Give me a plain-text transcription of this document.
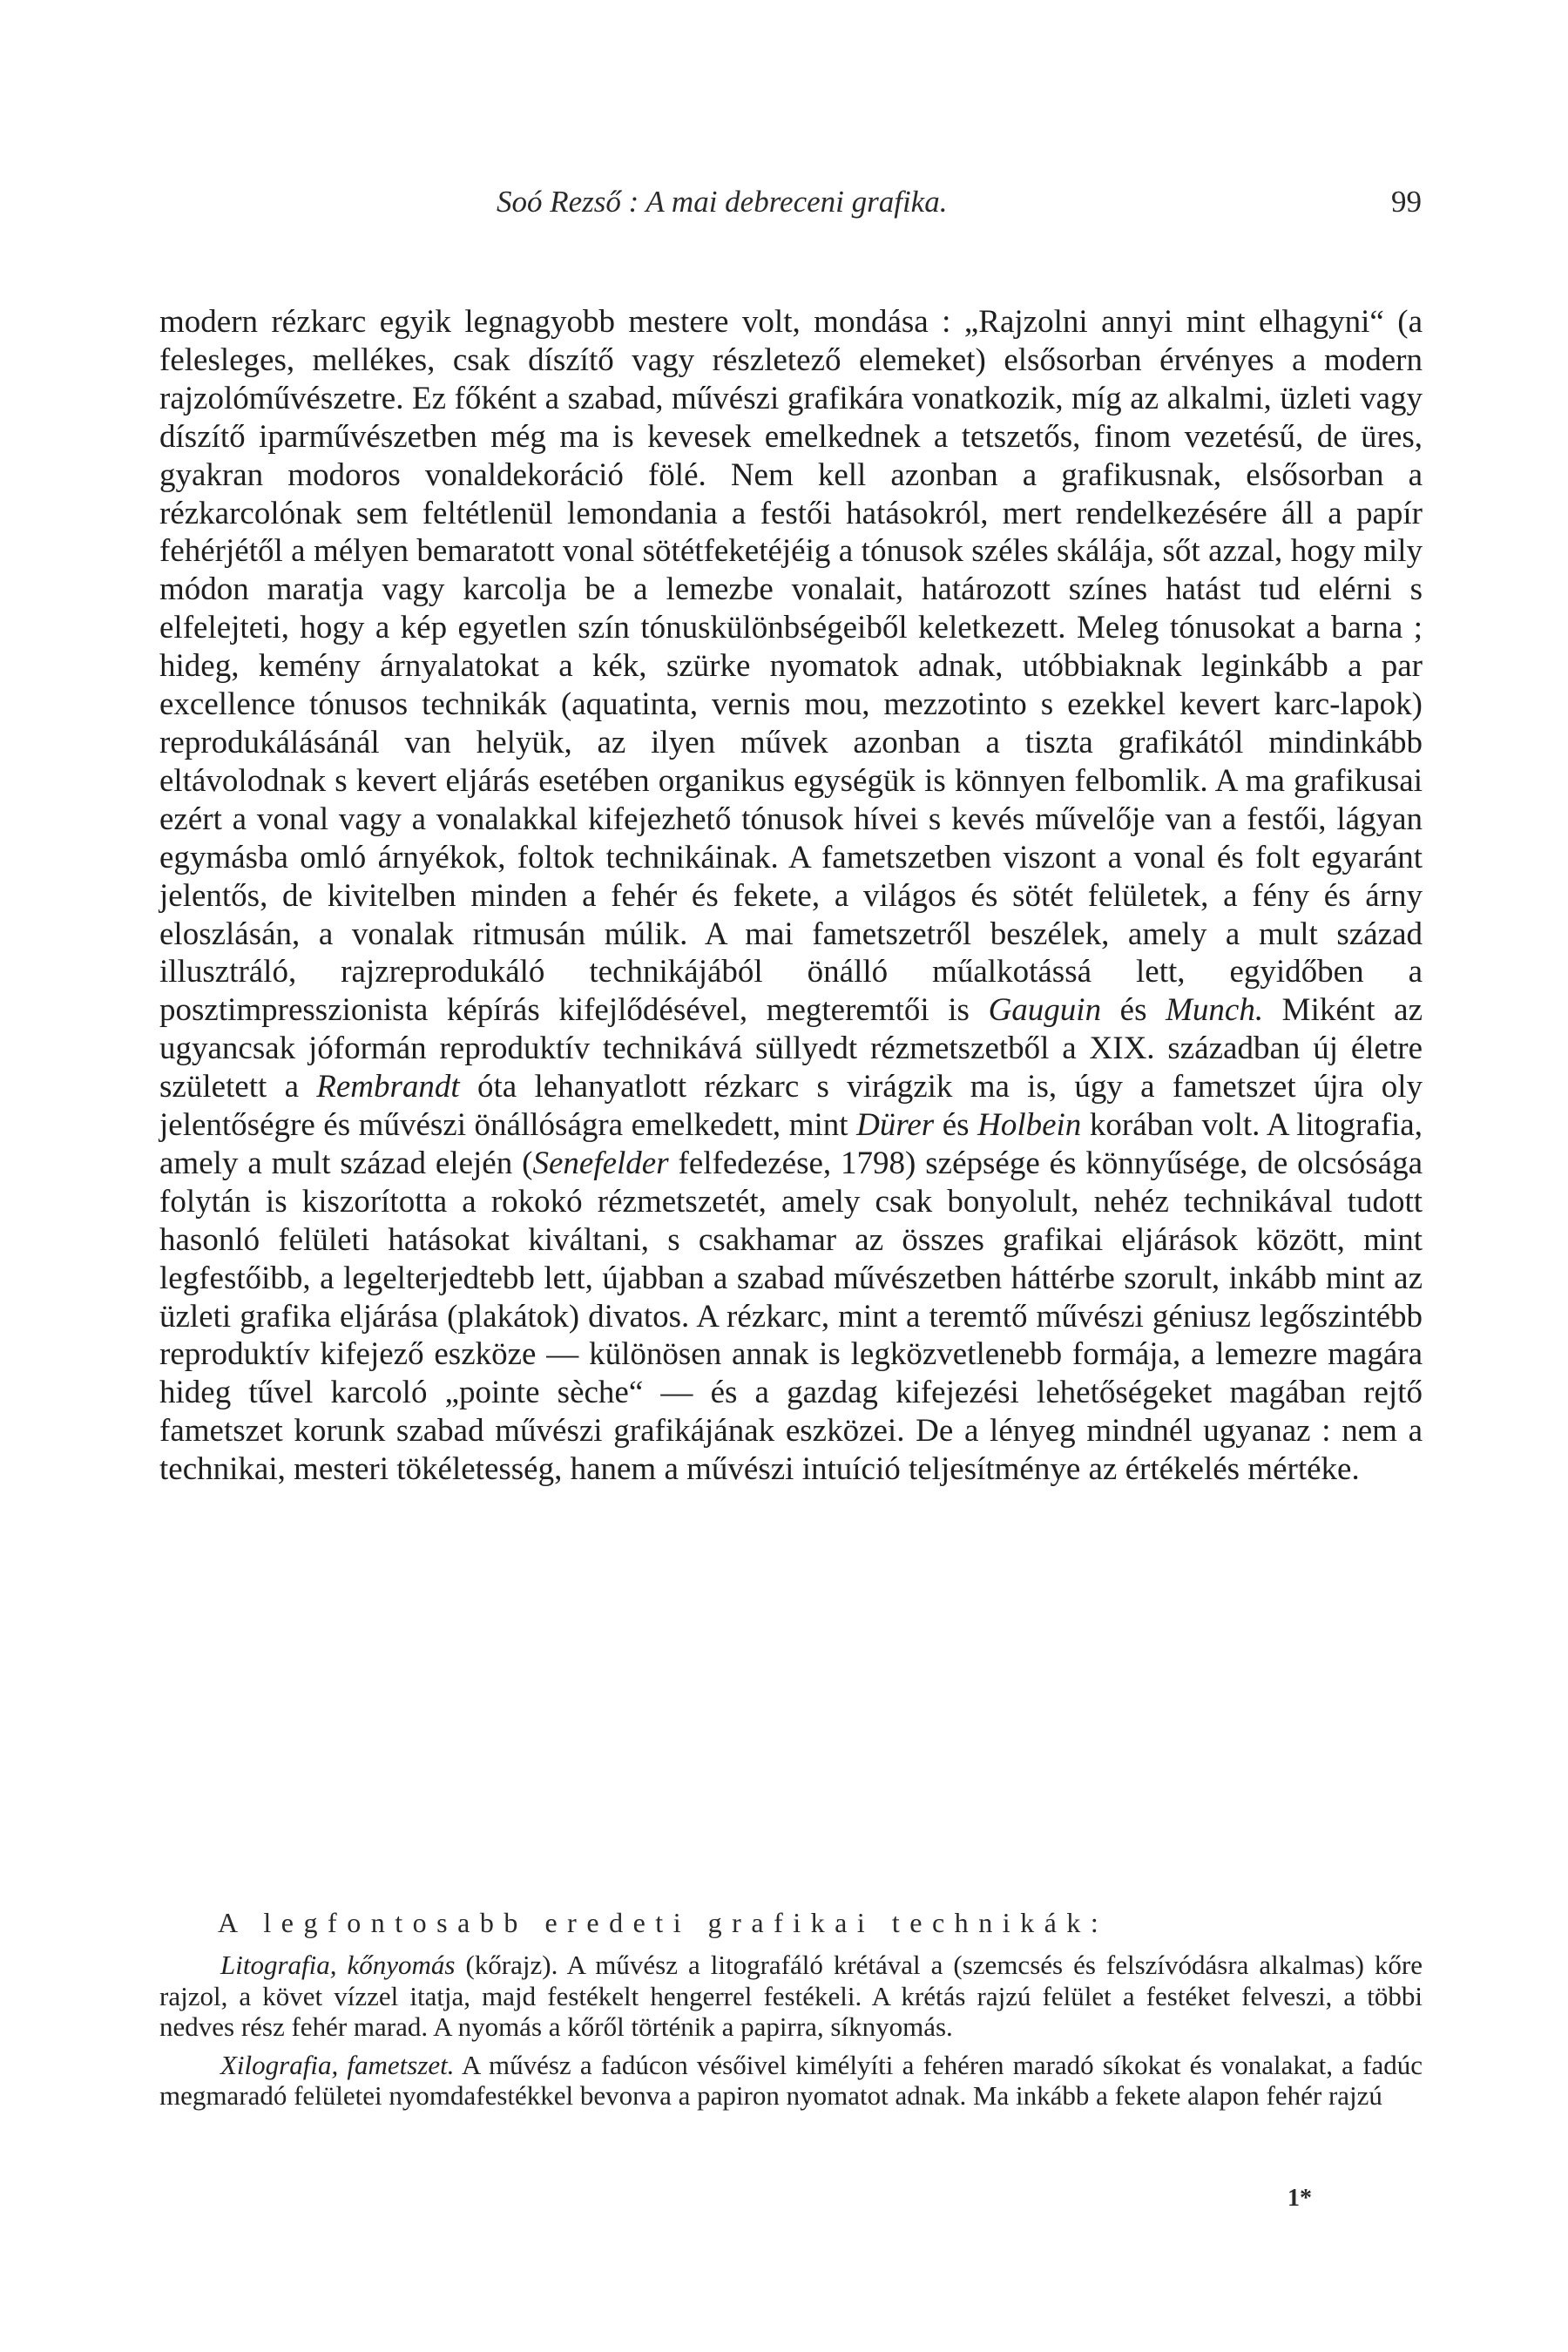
Soó Rezső : A mai debreceni grafika.	99

modern rézkarc egyik legnagyobb mestere volt, mondása : „Rajzolni annyi mint elhagyni“ (a felesleges, mellékes, csak díszítő vagy részletező elemeket) elsősorban érvényes a modern rajzolóművészetre. Ez főként a szabad, művészi grafikára vonatkozik, míg az alkalmi, üzleti vagy díszítő iparművészetben még ma is kevesek emelkednek a tetszetős, finom vezetésű, de üres, gyakran modoros vonaldekoráció fölé. Nem kell azonban a grafikusnak, elsősorban a rézkarcolónak sem feltétlenül lemondania a festői hatásokról, mert rendelkezésére áll a papír fehérjétől a mélyen bemaratott vonal sötétfeketéjéig a tónusok széles skálája, sőt azzal, hogy mily módon maratja vagy karcolja be a lemezbe vonalait, határozott színes hatást tud elérni s elfelejteti, hogy a kép egyetlen szín tónuskülönbségeiből keletkezett. Meleg tónusokat a barna ; hideg, kemény árnyalatokat a kék, szürke nyomatok adnak, utóbbiaknak leginkább a par excellence tónusos technikák (aquatinta, vernis mou, mezzotinto s ezekkel kevert karc-lapok) reprodukálásánál van helyük, az ilyen művek azonban a tiszta grafikától mindinkább eltávolodnak s kevert eljárás esetében organikus egységük is könnyen felbomlik. A ma grafikusai ezért a vonal vagy a vonalakkal kifejezhető tónusok hívei s kevés művelője van a festői, lágyan egymásba omló árnyékok, foltok technikáinak. A fametszetben viszont a vonal és folt egyaránt jelentős, de kivitelben minden a fehér és fekete, a világos és sötét felületek, a fény és árny eloszlásán, a vonalak ritmusán múlik. A mai fametszetről beszélek, amely a mult század illusztráló, rajzreprodukáló technikájából önálló műalkotássá lett, egyidőben a posztimpresszionista képírás kifejlődésével, megteremtői is Gauguin és Munch. Miként az ugyancsak jóformán reproduktív technikává süllyedt rézmetszetből a XIX. században új életre született a Rembrandt óta lehanyatlott rézkarc s virágzik ma is, úgy a fametszet újra oly jelentőségre és művészi önállóságra emelkedett, mint Dürer és Holbein korában volt. A litografia, amely a mult század elején (Senefelder felfedezése, 1798) szépsége és könnyűsége, de olcsósága folytán is kiszorította a rokokó rézmetszetét, amely csak bonyolult, nehéz technikával tudott hasonló felületi hatásokat kiváltani, s csakhamar az összes grafikai eljárások között, mint legfestőibb, a legelterjedtebb lett, újabban a szabad művészetben háttérbe szorult, inkább mint az üzleti grafika eljárása (plakátok) divatos. A rézkarc, mint a teremtő művészi géniusz legőszintébb reproduktív kifejező eszköze — különösen annak is legközvetlenebb formája, a lemezre magára hideg tűvel karcoló „pointe sèche“ — és a gazdag kifejezési lehetőségeket magában rejtő fametszet korunk szabad művészi grafikájának eszközei. De a lényeg mindnél ugyanaz : nem a technikai, mesteri tökéletesség, hanem a művészi intuíció teljesítménye az értékelés mértéke.

A legfontosabb eredeti grafikai technikák:

Litografia, kőnyomás (kőrajz). A művész a litografáló krétával a (szemcsés és felszívódásra alkalmas) kőre rajzol, a követ vízzel itatja, majd festékelt hengerrel festékeli. A krétás rajzú felület a festéket felveszi, a többi nedves rész fehér marad. A nyomás a kőről történik a papirra, síknyomás.

Xilografia, fametszet. A művész a fadúcon vésőivel kimélyíti a fehéren maradó síkokat és vonalakat, a fadúc megmaradó felületei nyomdafestékkel bevonva a papiron nyomatot adnak. Ma inkább a fekete alapon fehér rajzú

1*
